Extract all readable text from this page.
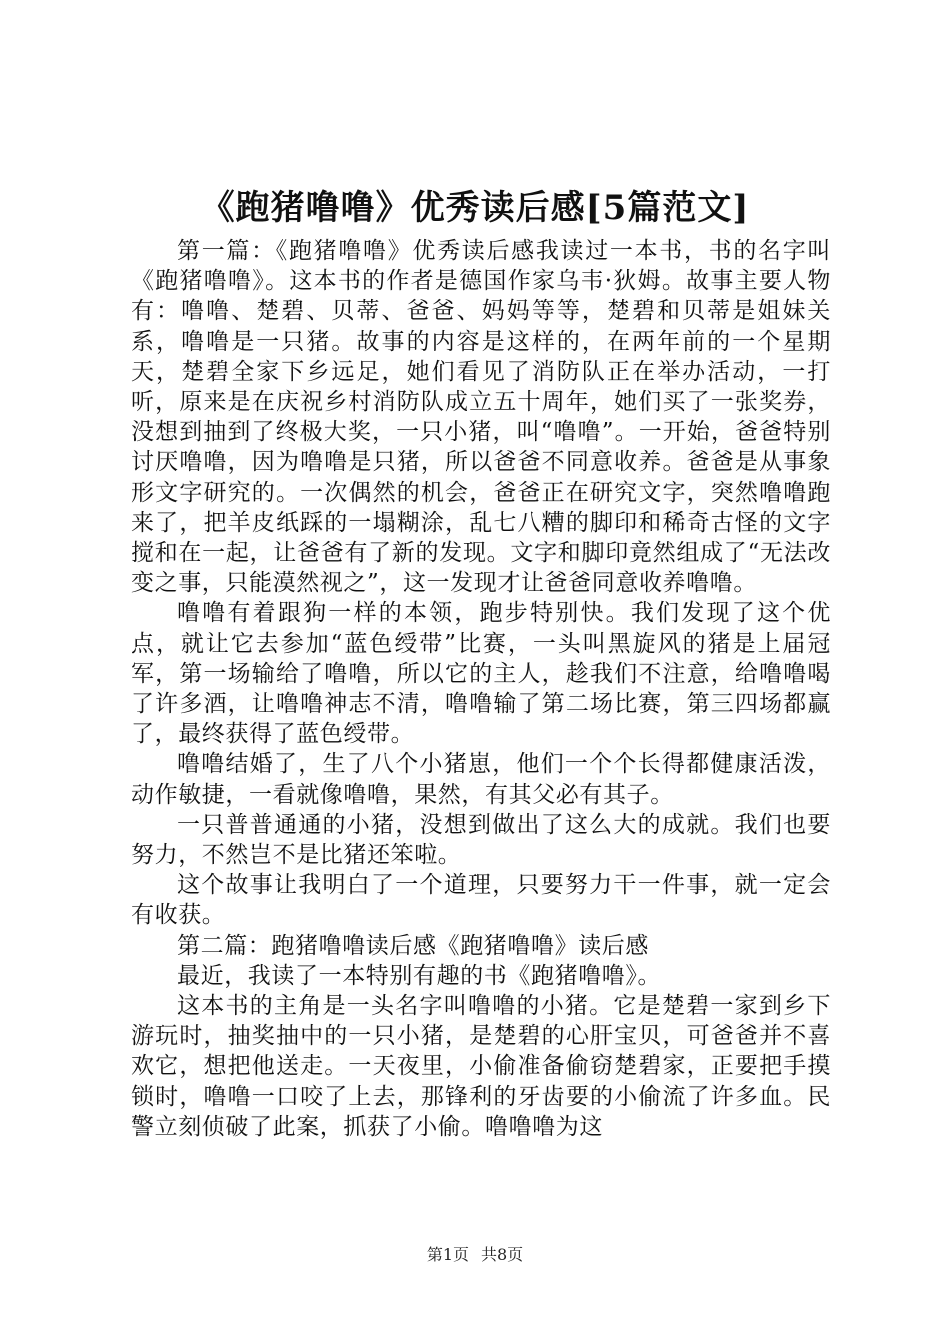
《跑猪噜噜》优秀读后感[5篇范文]

第一篇：《跑猪噜噜》优秀读后感我读过一本书，书的名字叫《跑猪噜噜》。这本书的作者是德国作家乌韦·狄姆。故事主要人物有：噜噜、楚碧、贝蒂、爸爸、妈妈等等，楚碧和贝蒂是姐妹关系，噜噜是一只猪。故事的内容是这样的，在两年前的一个星期天，楚碧全家下乡远足，她们看见了消防队正在举办活动，一打听，原来是在庆祝乡村消防队成立五十周年，她们买了一张奖券，没想到抽到了终极大奖，一只小猪，叫“噜噜”。一开始，爸爸特别讨厌噜噜，因为噜噜是只猪，所以爸爸不同意收养。爸爸是从事象形文字研究的。一次偶然的机会，爸爸正在研究文字，突然噜噜跑来了，把羊皮纸踩的一塌糊涂，乱七八糟的脚印和稀奇古怪的文字搅和在一起，让爸爸有了新的发现。文字和脚印竟然组成了“无法改变之事，只能漠然视之”，这一发现才让爸爸同意收养噜噜。

噜噜有着跟狗一样的本领，跑步特别快。我们发现了这个优点，就让它去参加“蓝色绶带”比赛，一头叫黑旋风的猪是上届冠军，第一场输给了噜噜，所以它的主人，趁我们不注意，给噜噜喝了许多酒，让噜噜神志不清，噜噜输了第二场比赛，第三四场都赢了，最终获得了蓝色绶带。

噜噜结婚了，生了八个小猪崽，他们一个个长得都健康活泼，动作敏捷，一看就像噜噜，果然，有其父必有其子。

一只普普通通的小猪，没想到做出了这么大的成就。我们也要努力，不然岂不是比猪还笨啦。

这个故事让我明白了一个道理，只要努力干一件事，就一定会有收获。

第二篇：跑猪噜噜读后感《跑猪噜噜》读后感

最近，我读了一本特别有趣的书《跑猪噜噜》。

这本书的主角是一头名字叫噜噜的小猪。它是楚碧一家到乡下游玩时，抽奖抽中的一只小猪，是楚碧的心肝宝贝，可爸爸并不喜欢它，想把他送走。一天夜里，小偷准备偷窃楚碧家，正要把手摸锁时，噜噜一口咬了上去，那锋利的牙齿要的小偷流了许多血。民警立刻侦破了此案，抓获了小偷。噜噜噜为这

第1页 共8页
